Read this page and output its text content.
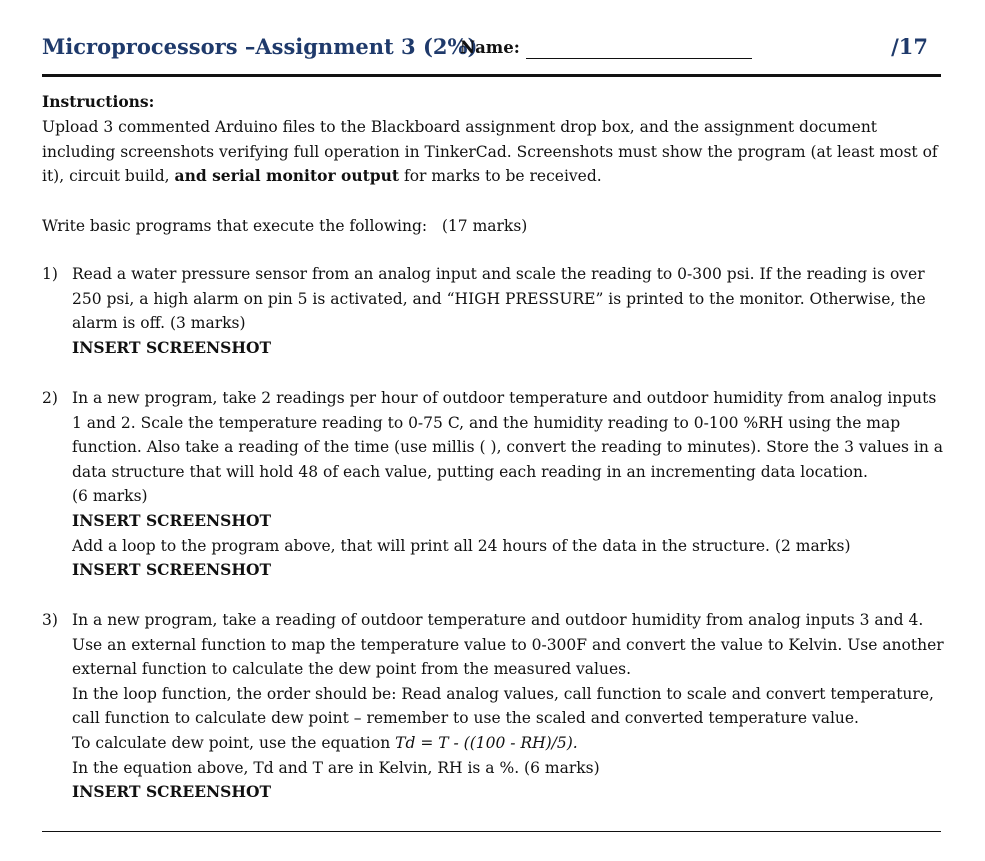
Microprocessors –Assignment 3 (2%)
Name:	/17
Instructions:
Upload 3 commented Arduino files to the Blackboard assignment drop box, and the assignment document
including screenshots verifying full operation in TinkerCad. Screenshots must show the program (at least most of
it), circuit build, and serial monitor output for marks to be received.
Write basic programs that execute the following: (17 marks)
1) Read a water pressure sensor from an analog input and scale the reading to 0-300 psi. If the reading is over
250 psi, a high alarm on pin 5 is activated, and “HIGH PRESSURE” is printed to the monitor. Otherwise, the
alarm is off. (3 marks)
INSERT SCREENSHOT
2) In a new program, take 2 readings per hour of outdoor temperature and outdoor humidity from analog inputs
1 and 2. Scale the temperature reading to 0-75 C, and the humidity reading to 0-100 %RH using the map
function. Also take a reading of the time (use millis ( ), convert the reading to minutes). Store the 3 values in a
data structure that will hold 48 of each value, putting each reading in an incrementing data location.
(6 marks)
INSERT SCREENSHOT
Add a loop to the program above, that will print all 24 hours of the data in the structure. (2 marks)
INSERT SCREENSHOT
3) In a new program, take a reading of outdoor temperature and outdoor humidity from analog inputs 3 and 4.
Use an external function to map the temperature value to 0-300F and convert the value to Kelvin. Use another
external function to calculate the dew point from the measured values.
In the loop function, the order should be: Read analog values, call function to scale and convert temperature,
call function to calculate dew point – remember to use the scaled and converted temperature value.
To calculate dew point, use the equation Td = T - ((100 - RH)/5).
In the equation above, Td and T are in Kelvin, RH is a %. (6 marks)
INSERT SCREENSHOT
